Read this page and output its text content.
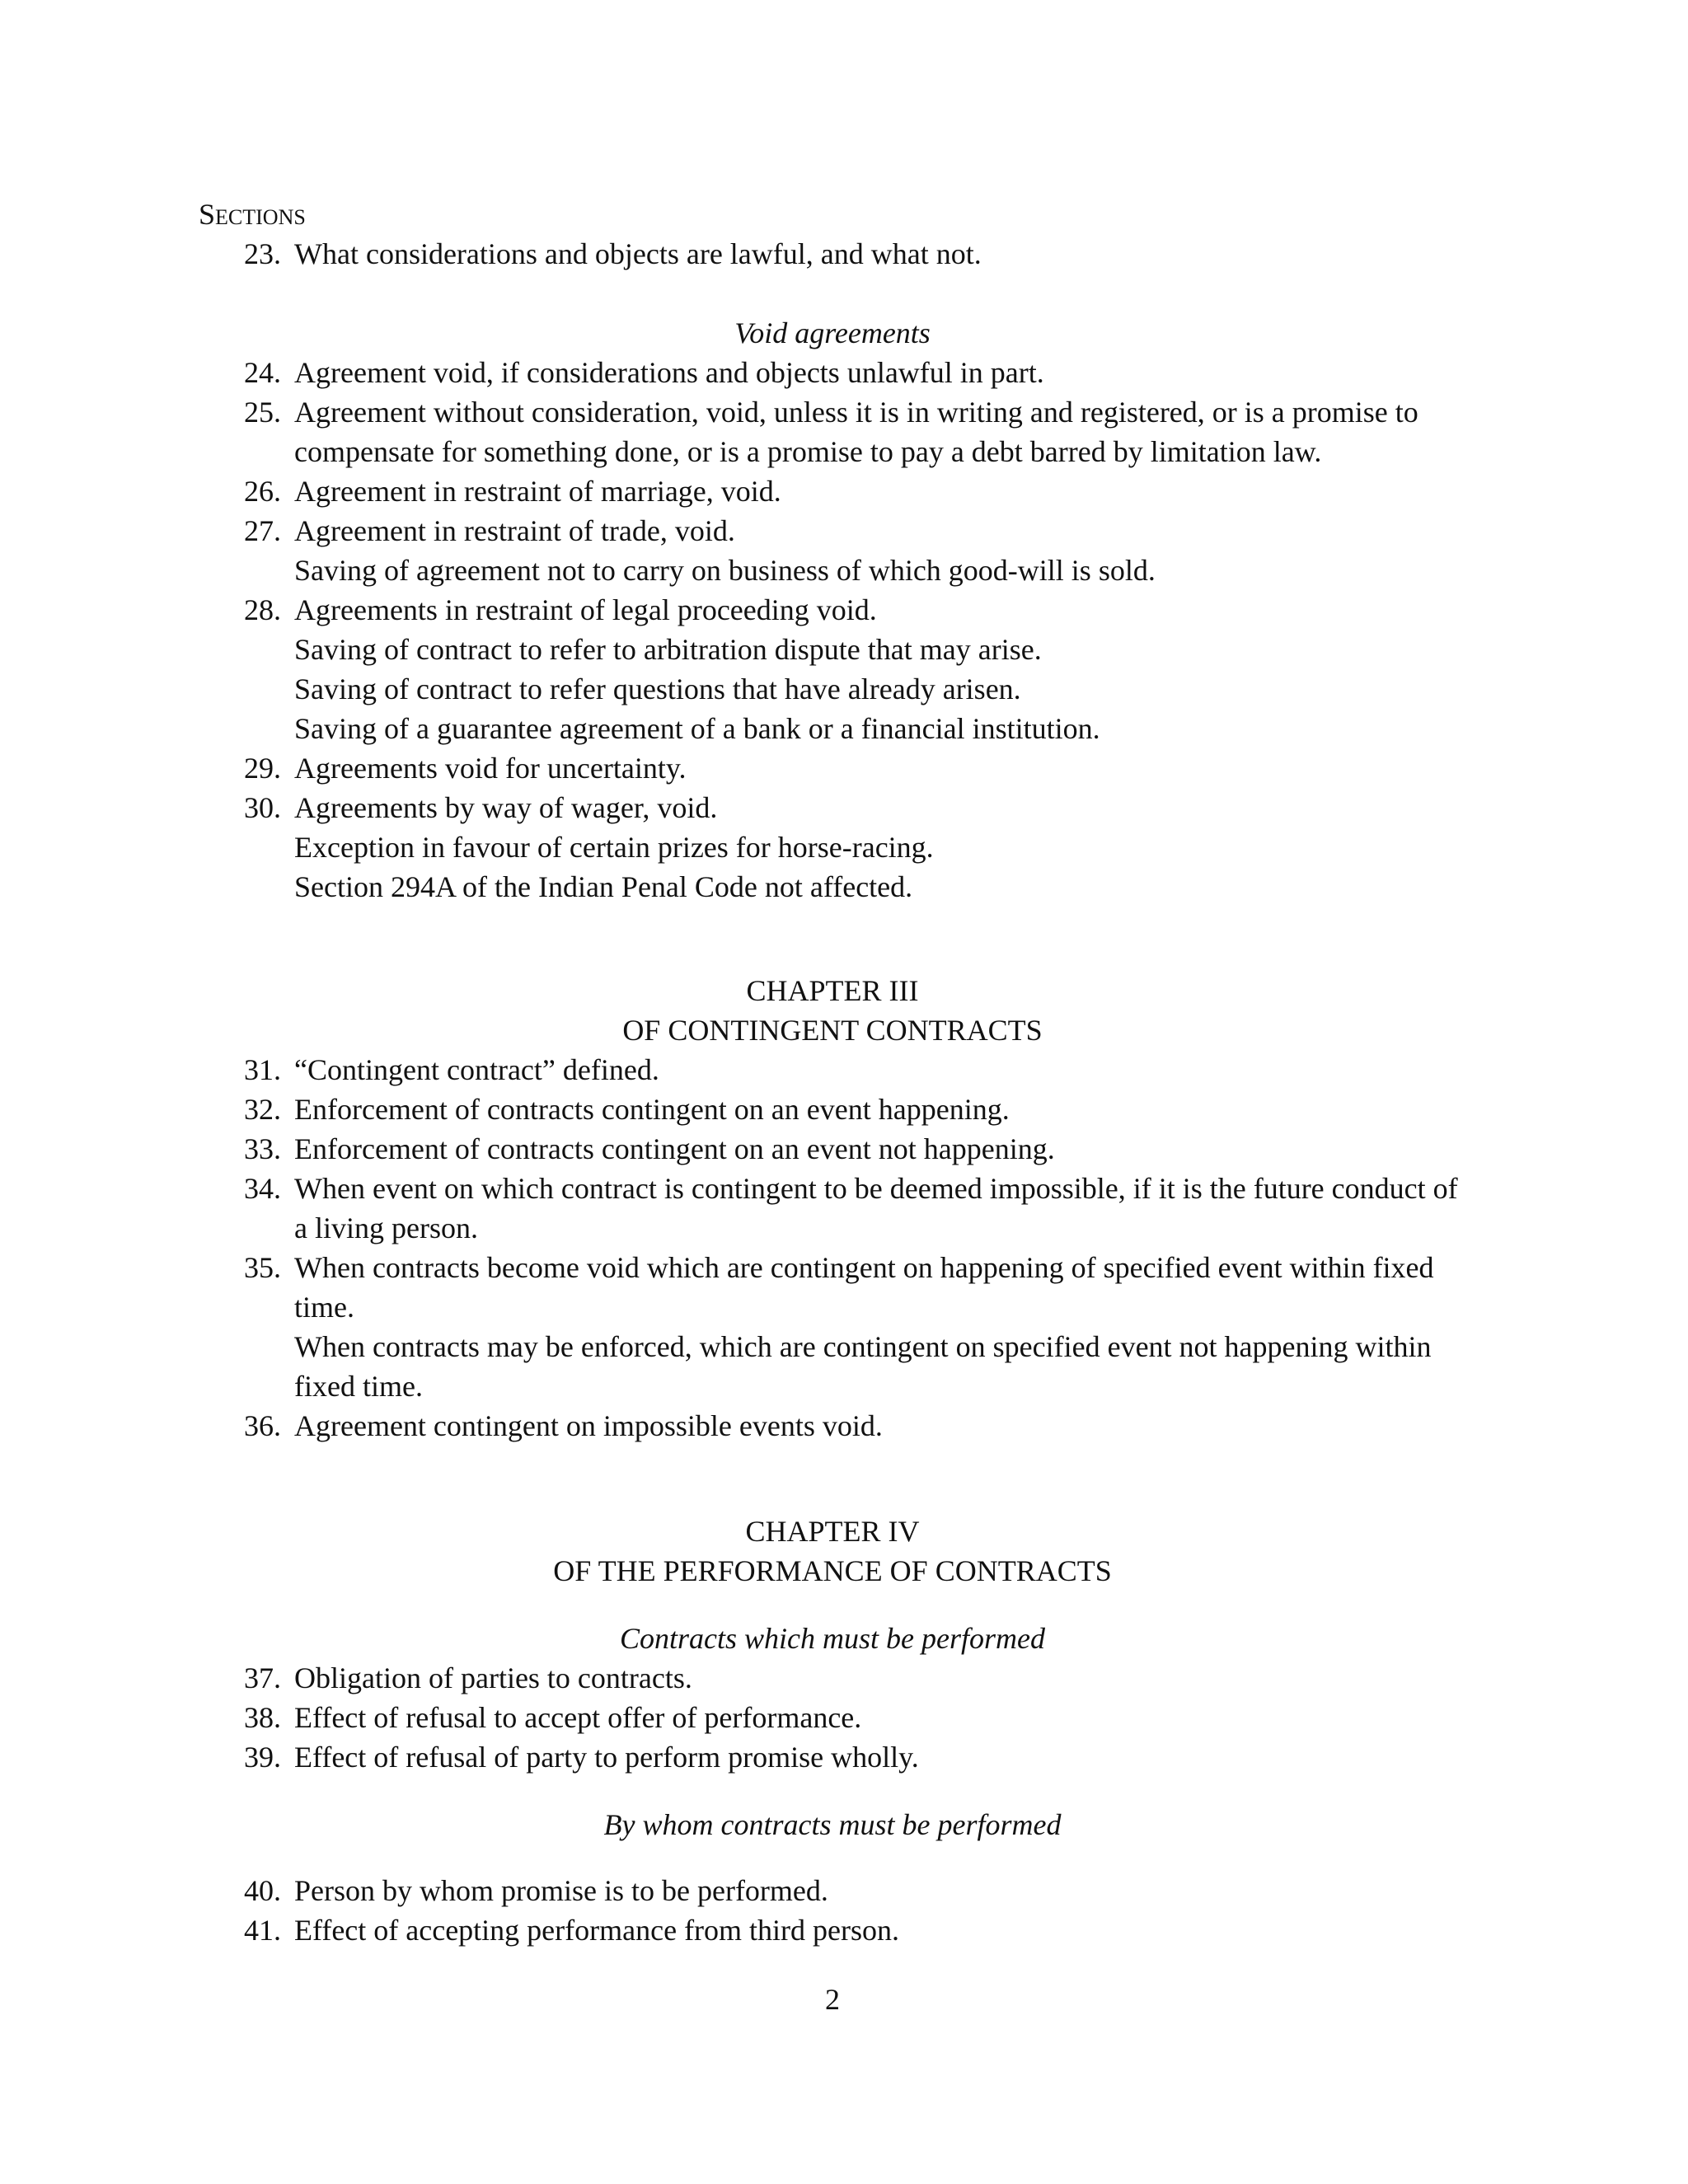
SECTIONS
23. What considerations and objects are lawful, and what not.
Void agreements
24. Agreement void, if considerations and objects unlawful in part.
25. Agreement without consideration, void, unless it is in writing and registered, or is a promise to
compensate for something done, or is a promise to pay a debt barred by limitation law.
26. Agreement in restraint of marriage, void.
27. Agreement in restraint of trade, void.
Saving of agreement not to carry on business of which good-will is sold.
28. Agreements in restraint of legal proceeding void.
Saving of contract to refer to arbitration dispute that may arise.
Saving of contract to refer questions that have already arisen.
Saving of a guarantee agreement of a bank or a financial institution.
29. Agreements void for uncertainty.
30. Agreements by way of wager, void.
Exception in favour of certain prizes for horse-racing.
Section 294A of the Indian Penal Code not affected.
CHAPTER III
OF CONTINGENT CONTRACTS
31. “Contingent contract” defined.
32. Enforcement of contracts contingent on an event happening.
33. Enforcement of contracts contingent on an event not happening.
34. When event on which contract is contingent to be deemed impossible, if it is the future conduct of
a living person.
35. When contracts become void which are contingent on happening of specified event within fixed
time.
When contracts may be enforced, which are contingent on specified event not happening within
fixed time.
36. Agreement contingent on impossible events void.
CHAPTER IV
OF THE PERFORMANCE OF CONTRACTS
Contracts which must be performed
37. Obligation of parties to contracts.
38. Effect of refusal to accept offer of performance.
39. Effect of refusal of party to perform promise wholly.
By whom contracts must be performed
40. Person by whom promise is to be performed.
41. Effect of accepting performance from third person.
2
